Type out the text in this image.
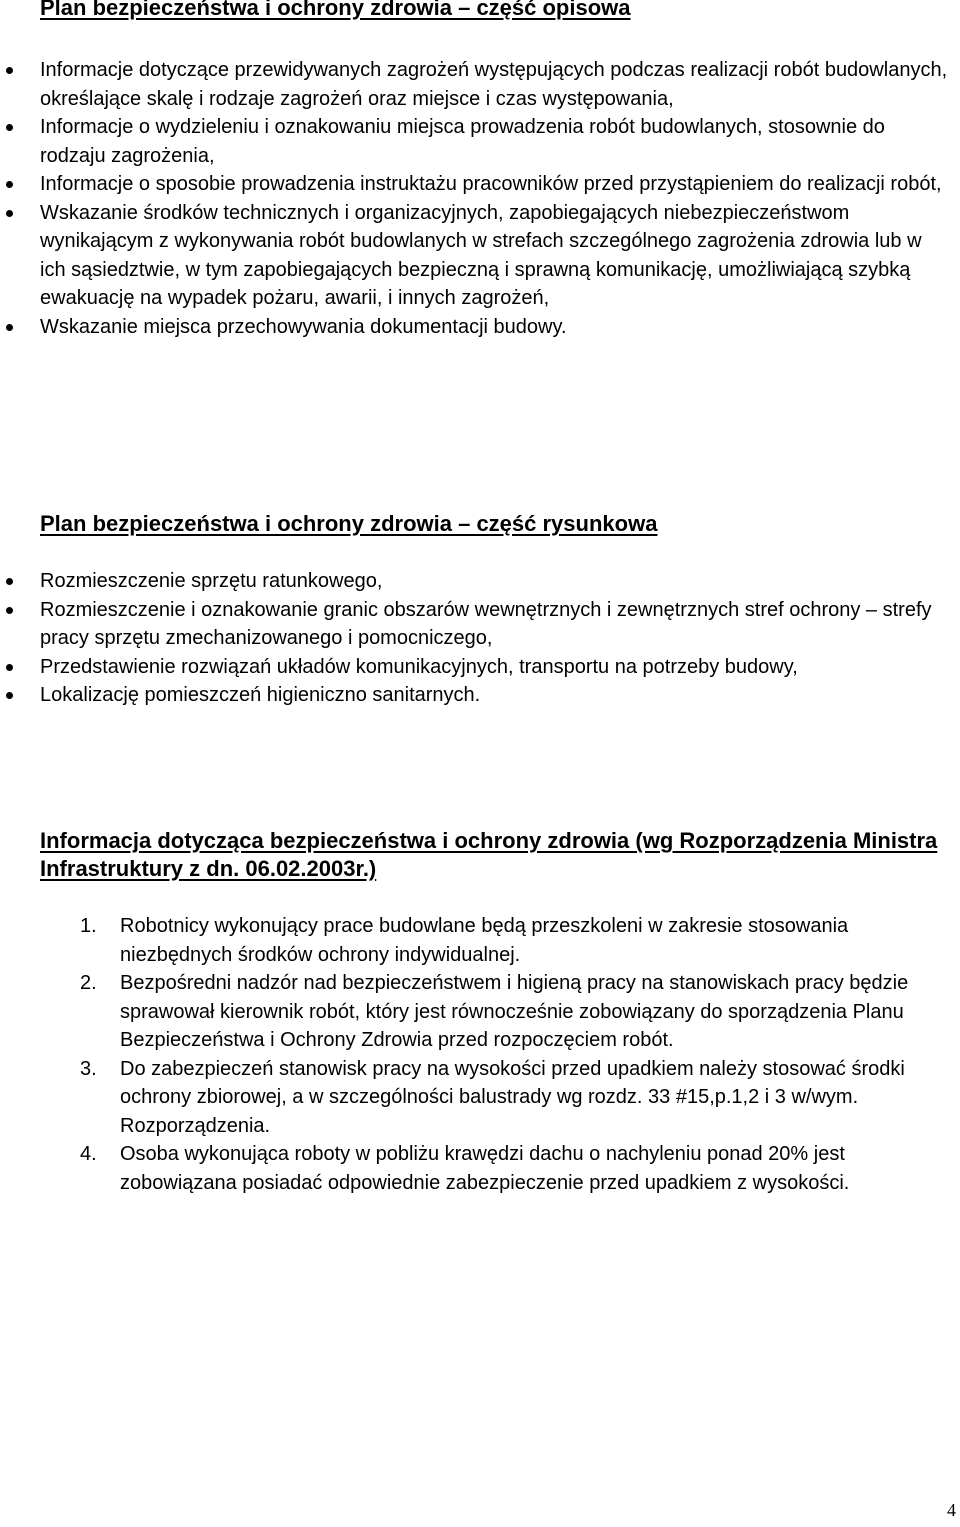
Plan bezpieczeństwa i ochrony zdrowia – część opisowa
Informacje dotyczące przewidywanych zagrożeń występujących podczas realizacji robót budowlanych, określające skalę i rodzaje zagrożeń oraz miejsce i czas występowania,
Informacje o wydzieleniu i oznakowaniu miejsca prowadzenia robót budowlanych, stosownie do rodzaju zagrożenia,
Informacje o sposobie prowadzenia instruktażu pracowników przed przystąpieniem do realizacji robót,
Wskazanie środków technicznych i organizacyjnych, zapobiegających niebezpieczeństwom wynikającym z wykonywania robót budowlanych w strefach szczególnego zagrożenia zdrowia lub w ich sąsiedztwie, w tym zapobiegających bezpieczną i sprawną komunikację, umożliwiającą szybką ewakuację na wypadek pożaru, awarii, i innych zagrożeń,
Wskazanie miejsca przechowywania dokumentacji budowy.
Plan bezpieczeństwa i ochrony zdrowia – część rysunkowa
Rozmieszczenie sprzętu ratunkowego,
Rozmieszczenie i oznakowanie granic obszarów wewnętrznych i zewnętrznych stref ochrony – strefy pracy sprzętu zmechanizowanego i pomocniczego,
Przedstawienie rozwiązań układów komunikacyjnych, transportu na potrzeby budowy,
Lokalizację pomieszczeń higieniczno sanitarnych.
Informacja dotycząca bezpieczeństwa i ochrony zdrowia (wg Rozporządzenia Ministra Infrastruktury z dn. 06.02.2003r.)
1. Robotnicy wykonujący prace budowlane będą przeszkoleni w zakresie stosowania niezbędnych środków ochrony indywidualnej.
2. Bezpośredni nadzór nad bezpieczeństwem i higieną pracy na stanowiskach pracy będzie sprawował kierownik robót, który jest równocześnie zobowiązany do sporządzenia Planu Bezpieczeństwa i Ochrony Zdrowia przed rozpoczęciem robót.
3. Do zabezpieczeń stanowisk pracy na wysokości przed upadkiem należy stosować środki ochrony zbiorowej, a w szczególności balustrady wg rozdz. 33 #15,p.1,2 i 3 w/wym. Rozporządzenia.
4. Osoba wykonująca roboty w pobliżu krawędzi dachu o nachyleniu ponad 20% jest zobowiązana posiadać odpowiednie zabezpieczenie przed upadkiem z wysokości.
4
